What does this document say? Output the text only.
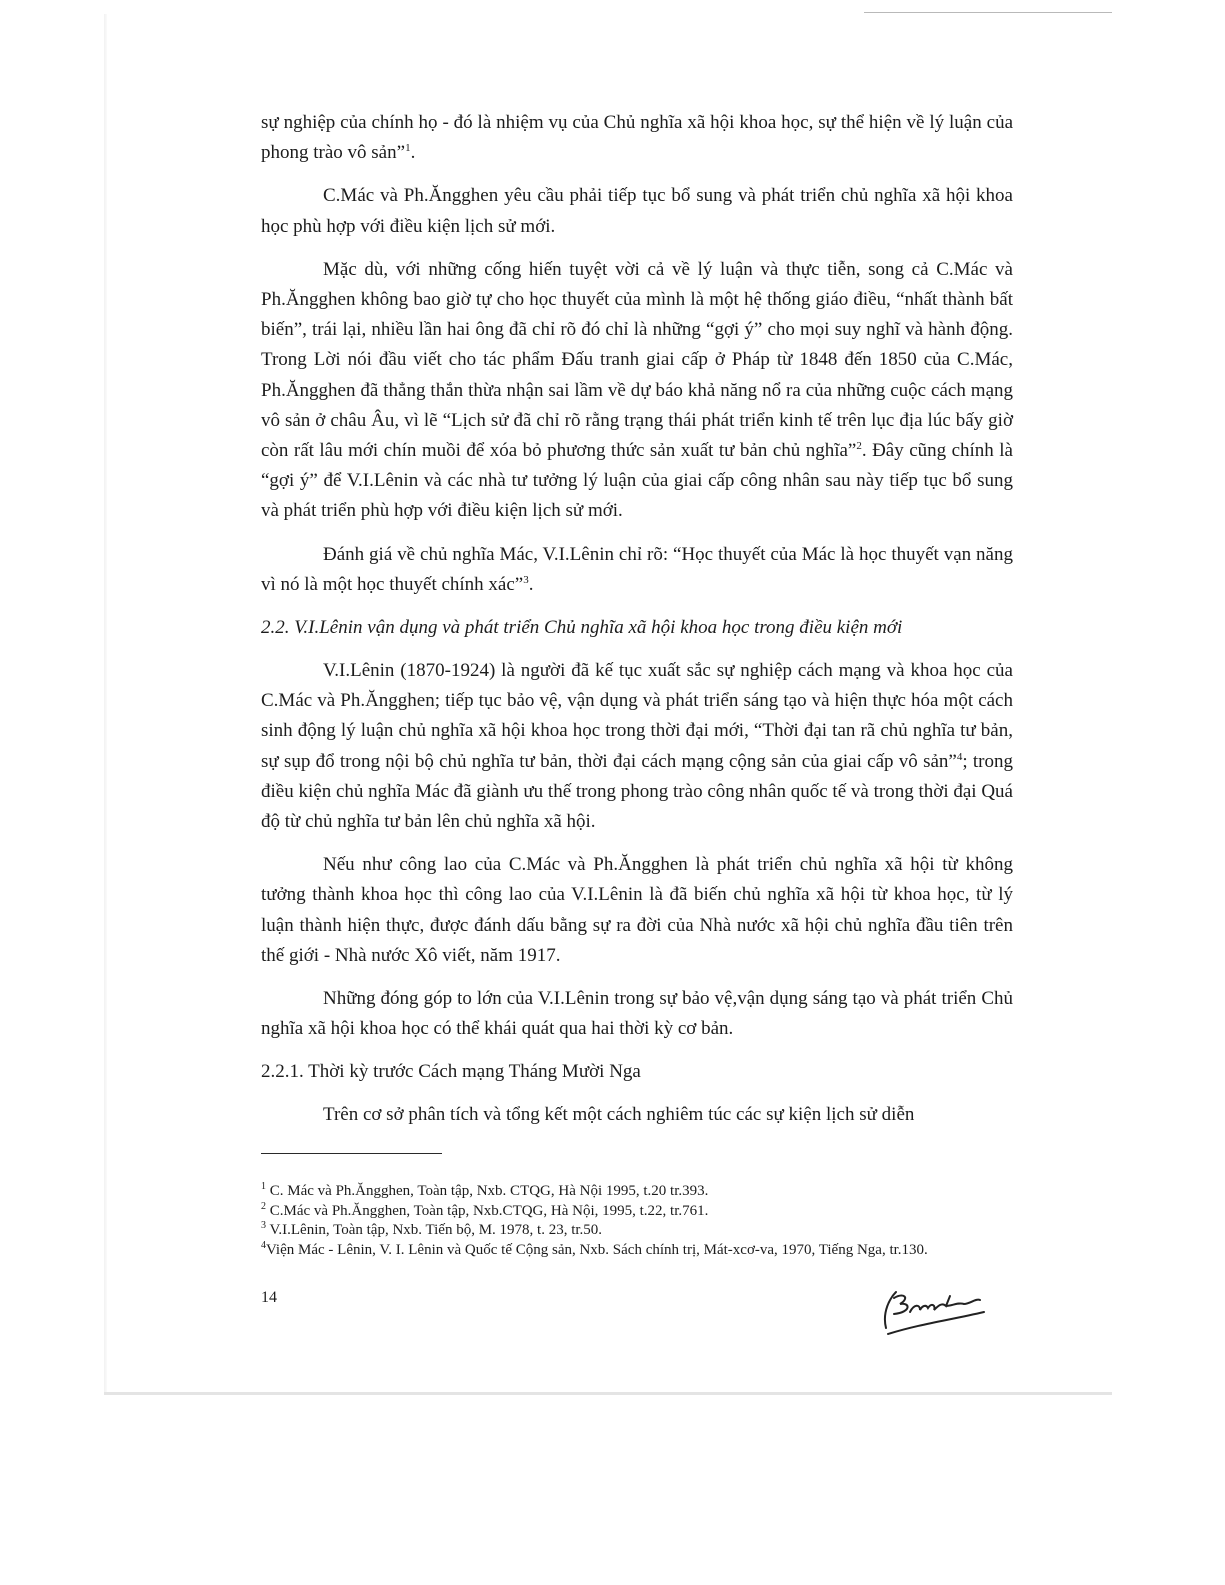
sự nghiệp của chính họ - đó là nhiệm vụ của Chủ nghĩa xã hội khoa học, sự thể hiện về lý luận của phong trào vô sản”$^1$.

C.Mác và Ph.Ăngghen yêu cầu phải tiếp tục bổ sung và phát triển chủ nghĩa xã hội khoa học phù hợp với điều kiện lịch sử mới.

Mặc dù, với những cống hiến tuyệt vời cả về lý luận và thực tiễn, song cả C.Mác và Ph.Ăngghen không bao giờ tự cho học thuyết của mình là một hệ thống giáo điều, “nhất thành bất biến”, trái lại, nhiều lần hai ông đã chỉ rõ đó chỉ là những “gợi ý” cho mọi suy nghĩ và hành động. Trong Lời nói đầu viết cho tác phẩm Đấu tranh giai cấp ở Pháp từ 1848 đến 1850 của C.Mác, Ph.Ăngghen đã thẳng thắn thừa nhận sai lầm về dự báo khả năng nổ ra của những cuộc cách mạng vô sản ở châu Âu, vì lẽ “Lịch sử đã chỉ rõ rằng trạng thái phát triển kinh tế trên lục địa lúc bấy giờ còn rất lâu mới chín muồi để xóa bỏ phương thức sản xuất tư bản chủ nghĩa”$^2$. Đây cũng chính là “gợi ý” để V.I.Lênin và các nhà tư tưởng lý luận của giai cấp công nhân sau này tiếp tục bổ sung và phát triển phù hợp với điều kiện lịch sử mới.

Đánh giá về chủ nghĩa Mác, V.I.Lênin chỉ rõ: “Học thuyết của Mác là học thuyết vạn năng vì nó là một học thuyết chính xác”$^3$.

2.2. V.I.Lênin vận dụng và phát triển Chủ nghĩa xã hội khoa học trong điều kiện mới

V.I.Lênin (1870-1924) là người đã kế tục xuất sắc sự nghiệp cách mạng và khoa học của C.Mác và Ph.Ăngghen; tiếp tục bảo vệ, vận dụng và phát triển sáng tạo và hiện thực hóa một cách sinh động lý luận chủ nghĩa xã hội khoa học trong thời đại mới, “Thời đại tan rã chủ nghĩa tư bản, sự sụp đổ trong nội bộ chủ nghĩa tư bản, thời đại cách mạng cộng sản của giai cấp vô sản”$^4$; trong điều kiện chủ nghĩa Mác đã giành ưu thế trong phong trào công nhân quốc tế và trong thời đại Quá độ từ chủ nghĩa tư bản lên chủ nghĩa xã hội.

Nếu như công lao của C.Mác và Ph.Ăngghen là phát triển chủ nghĩa xã hội từ không tưởng thành khoa học thì công lao của V.I.Lênin là đã biến chủ nghĩa xã hội từ khoa học, từ lý luận thành hiện thực, được đánh dấu bằng sự ra đời của Nhà nước xã hội chủ nghĩa đầu tiên trên thế giới - Nhà nước Xô viết, năm 1917.

Những đóng góp to lớn của V.I.Lênin trong sự bảo vệ,vận dụng sáng tạo và phát triển Chủ nghĩa xã hội khoa học có thể khái quát qua hai thời kỳ cơ bản.

2.2.1. Thời kỳ trước Cách mạng Tháng Mười Nga

Trên cơ sở phân tích và tổng kết một cách nghiêm túc các sự kiện lịch sử diễn

$^1$ C. Mác và Ph.Ăngghen, Toàn tập, Nxb. CTQG, Hà Nội 1995, t.20 tr.393.

$^2$ C.Mác và Ph.Ăngghen, Toàn tập, Nxb.CTQG, Hà Nội, 1995, t.22, tr.761.

$^3$ V.I.Lênin, Toàn tập, Nxb. Tiến bộ, M. 1978, t. 23, tr.50.

$^4$Viện Mác - Lênin, V. I. Lênin và Quốc tế Cộng sản, Nxb. Sách chính trị, Mát-xcơ-va, 1970, Tiếng Nga, tr.130.

14
